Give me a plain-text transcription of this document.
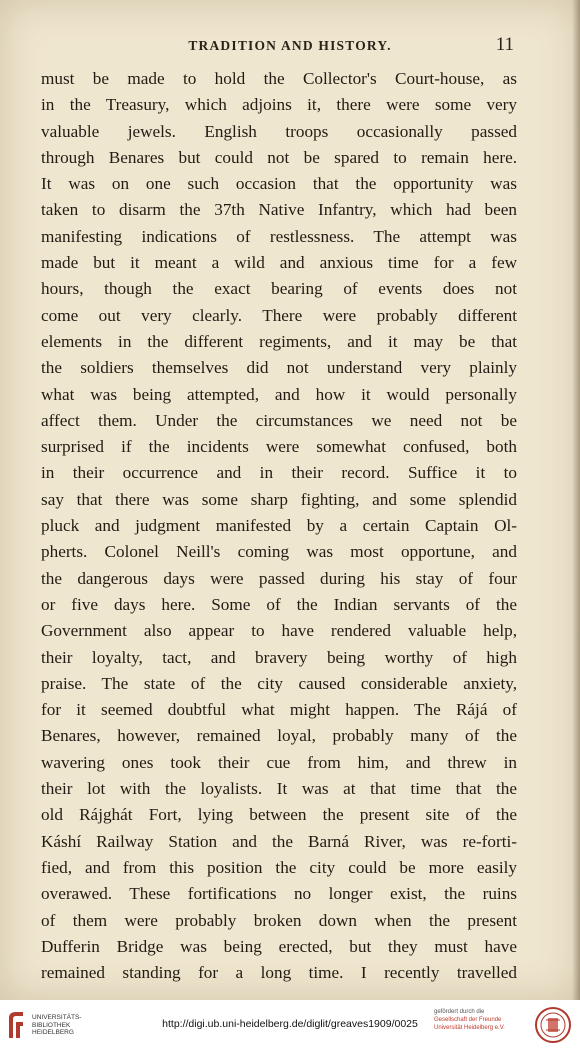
TRADITION AND HISTORY.	11
must be made to hold the Collector's Court-house, as
in the Treasury, which adjoins it, there were some very
valuable jewels. English troops occasionally passed
through Benares but could not be spared to remain here.
It was on one such occasion that the opportunity was
taken to disarm the 37th Native Infantry, which had been
manifesting indications of restlessness. The attempt was
made but it meant a wild and anxious time for a few
hours, though the exact bearing of events does not
come out very clearly. There were probably different
elements in the different regiments, and it may be that
the soldiers themselves did not understand very plainly
what was being attempted, and how it would personally
affect them. Under the circumstances we need not be
surprised if the incidents were somewhat confused, both
in their occurrence and in their record. Suffice it to
say that there was some sharp fighting, and some splendid
pluck and judgment manifested by a certain Captain Ol-
pherts. Colonel Neill's coming was most opportune, and
the dangerous days were passed during his stay of four
or five days here. Some of the Indian servants of the
Government also appear to have rendered valuable help,
their loyalty, tact, and bravery being worthy of high
praise. The state of the city caused considerable anxiety,
for it seemed doubtful what might happen. The Rájá of
Benares, however, remained loyal, probably many of the
wavering ones took their cue from him, and threw in
their lot with the loyalists. It was at that time that the
old Rájghát Fort, lying between the present site of the
Káshí Railway Station and the Barná River, was re-forti-
fied, and from this position the city could be more easily
overawed. These fortifications no longer exist, the ruins
of them were probably broken down when the present
Dufferin Bridge was being erected, but they must have
remained standing for a long time. I recently travelled
UNIVERSITÄTS-
BIBLIOTHEK
HEIDELBERG
http://digi.ub.uni-heidelberg.de/diglit/greaves1909/0025
gefördert durch die
Gesellschaft der Freunde
Universität Heidelberg e.V.
